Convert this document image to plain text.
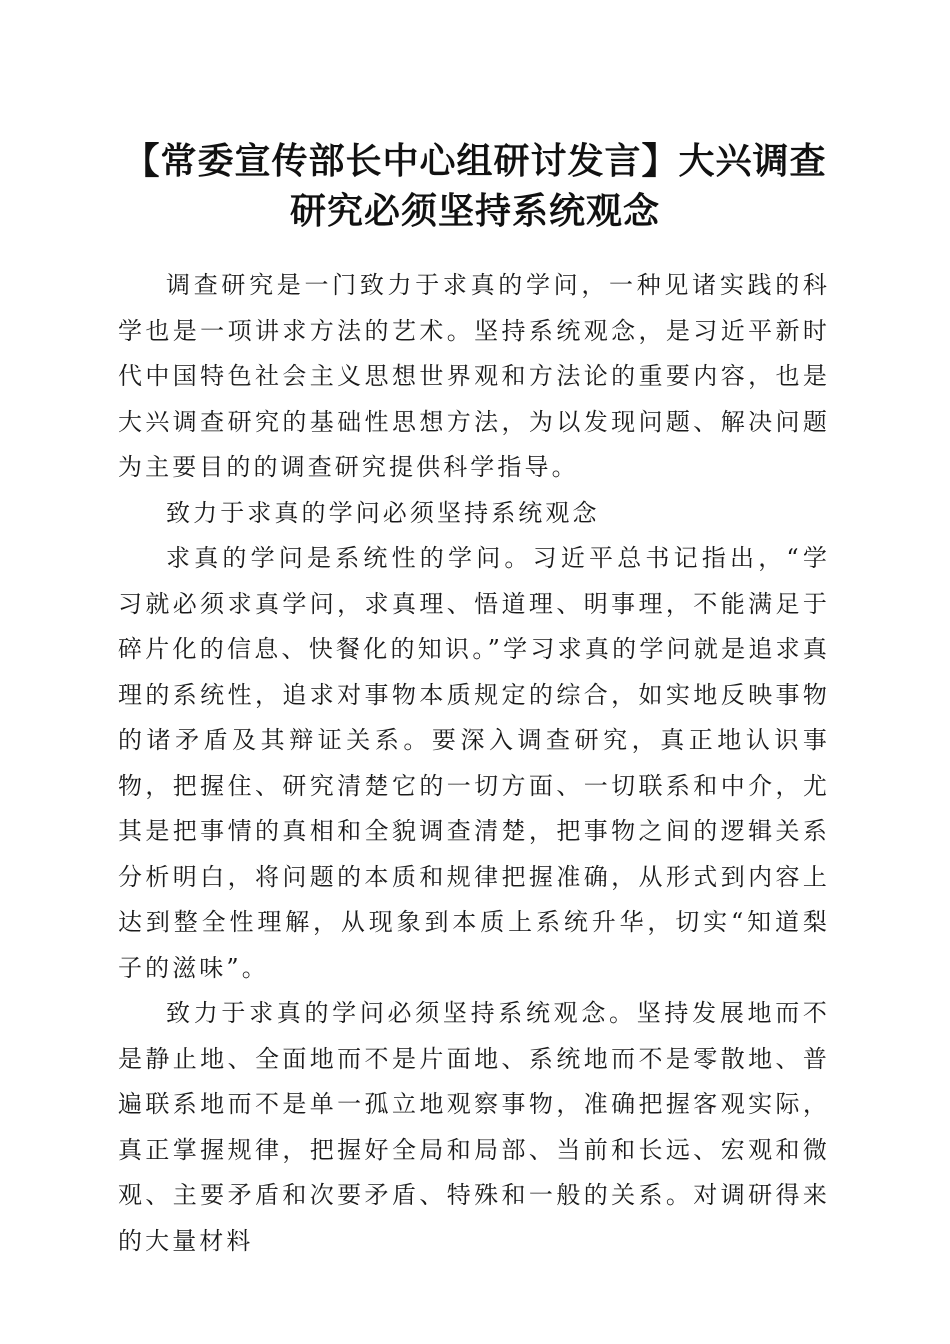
【常委宣传部长中心组研讨发言】大兴调查研究必须坚持系统观念

调查研究是一门致力于求真的学问，一种见诸实践的科学也是一项讲求方法的艺术。坚持系统观念，是习近平新时代中国特色社会主义思想世界观和方法论的重要内容，也是大兴调查研究的基础性思想方法，为以发现问题、解决问题为主要目的的调查研究提供科学指导。

致力于求真的学问必须坚持系统观念

求真的学问是系统性的学问。习近平总书记指出，“学习就必须求真学问，求真理、悟道理、明事理，不能满足于碎片化的信息、快餐化的知识。”学习求真的学问就是追求真理的系统性，追求对事物本质规定的综合，如实地反映事物的诸矛盾及其辩证关系。要深入调查研究，真正地认识事物，把握住、研究清楚它的一切方面、一切联系和中介，尤其是把事情的真相和全貌调查清楚，把事物之间的逻辑关系分析明白，将问题的本质和规律把握准确，从形式到内容上达到整全性理解，从现象到本质上系统升华，切实“知道梨子的滋味”。

致力于求真的学问必须坚持系统观念。坚持发展地而不是静止地、全面地而不是片面地、系统地而不是零散地、普遍联系地而不是单一孤立地观察事物，准确把握客观实际，真正掌握规律，把握好全局和局部、当前和长远、宏观和微观、主要矛盾和次要矛盾、特殊和一般的关系。对调研得来的大量材料
